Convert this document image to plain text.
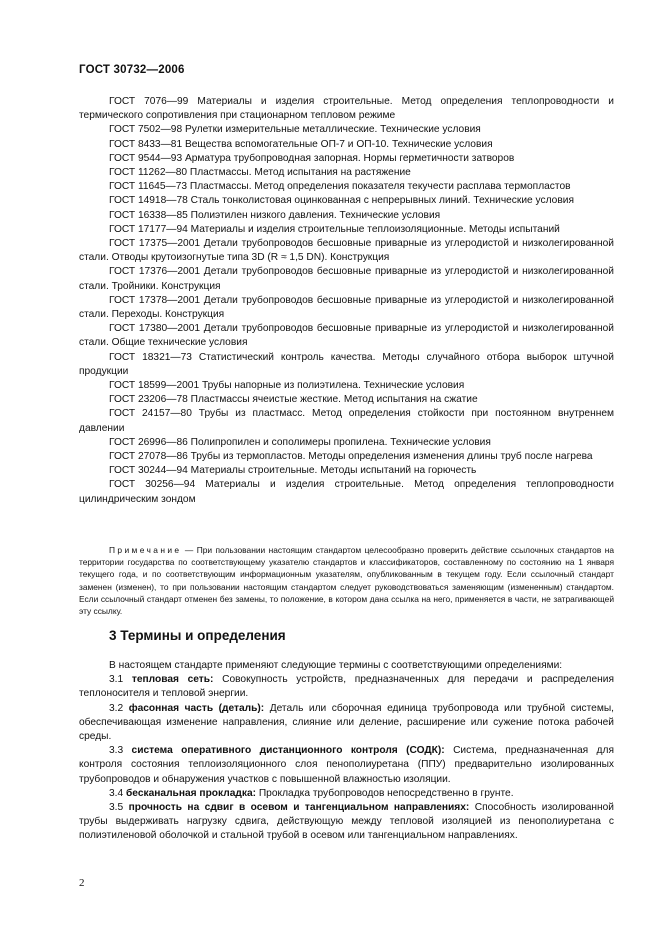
ГОСТ 30732—2006

ГОСТ 7076—99 Материалы и изделия строительные. Метод определения теплопроводности и термического сопротивления при стационарном тепловом режиме

ГОСТ 7502—98 Рулетки измерительные металлические. Технические условия

ГОСТ 8433—81 Вещества вспомогательные ОП-7 и ОП-10. Технические условия

ГОСТ 9544—93 Арматура трубопроводная запорная. Нормы герметичности затворов

ГОСТ 11262—80 Пластмассы. Метод испытания на растяжение

ГОСТ 11645—73 Пластмассы. Метод определения показателя текучести расплава термопластов

ГОСТ 14918—78 Сталь тонколистовая оцинкованная с непрерывных линий. Технические условия

ГОСТ 16338—85 Полиэтилен низкого давления. Технические условия

ГОСТ 17177—94 Материалы и изделия строительные теплоизоляционные. Методы испытаний

ГОСТ 17375—2001 Детали трубопроводов бесшовные приварные из углеродистой и низколегированной стали. Отводы крутоизогнутые типа 3D (R ≈ 1,5 DN). Конструкция

ГОСТ 17376—2001 Детали трубопроводов бесшовные приварные из углеродистой и низколегированной стали. Тройники. Конструкция

ГОСТ 17378—2001 Детали трубопроводов бесшовные приварные из углеродистой и низколегированной стали. Переходы. Конструкция

ГОСТ 17380—2001 Детали трубопроводов бесшовные приварные из углеродистой и низколегированной стали. Общие технические условия

ГОСТ 18321—73 Статистический контроль качества. Методы случайного отбора выборок штучной продукции

ГОСТ 18599—2001 Трубы напорные из полиэтилена. Технические условия

ГОСТ 23206—78 Пластмассы ячеистые жесткие. Метод испытания на сжатие

ГОСТ 24157—80 Трубы из пластмасс. Метод определения стойкости при постоянном внутреннем давлении

ГОСТ 26996—86 Полипропилен и сополимеры пропилена. Технические условия

ГОСТ 27078—86 Трубы из термопластов. Методы определения изменения длины труб после нагрева

ГОСТ 30244—94 Материалы строительные. Методы испытаний на горючесть

ГОСТ 30256—94 Материалы и изделия строительные. Метод определения теплопроводности цилиндрическим зондом

Примечание — При пользовании настоящим стандартом целесообразно проверить действие ссылочных стандартов на территории государства по соответствующему указателю стандартов и классификаторов, составленному по состоянию на 1 января текущего года, и по соответствующим информационным указателям, опубликованным в текущем году. Если ссылочный стандарт заменен (изменен), то при пользовании настоящим стандартом следует руководствоваться заменяющим (измененным) стандартом. Если ссылочный стандарт отменен без замены, то положение, в котором дана ссылка на него, применяется в части, не затрагивающей эту ссылку.

3 Термины и определения

В настоящем стандарте применяют следующие термины с соответствующими определениями:

3.1 тепловая сеть: Совокупность устройств, предназначенных для передачи и распределения теплоносителя и тепловой энергии.

3.2 фасонная часть (деталь): Деталь или сборочная единица трубопровода или трубной системы, обеспечивающая изменение направления, слияние или деление, расширение или сужение потока рабочей среды.

3.3 система оперативного дистанционного контроля (СОДК): Система, предназначенная для контроля состояния теплоизоляционного слоя пенополиуретана (ППУ) предварительно изолированных трубопроводов и обнаружения участков с повышенной влажностью изоляции.

3.4 бесканальная прокладка: Прокладка трубопроводов непосредственно в грунте.

3.5 прочность на сдвиг в осевом и тангенциальном направлениях: Способность изолированной трубы выдерживать нагрузку сдвига, действующую между тепловой изоляцией из пенополиуретана с полиэтиленовой оболочкой и стальной трубой в осевом или тангенциальном направлениях.

2
